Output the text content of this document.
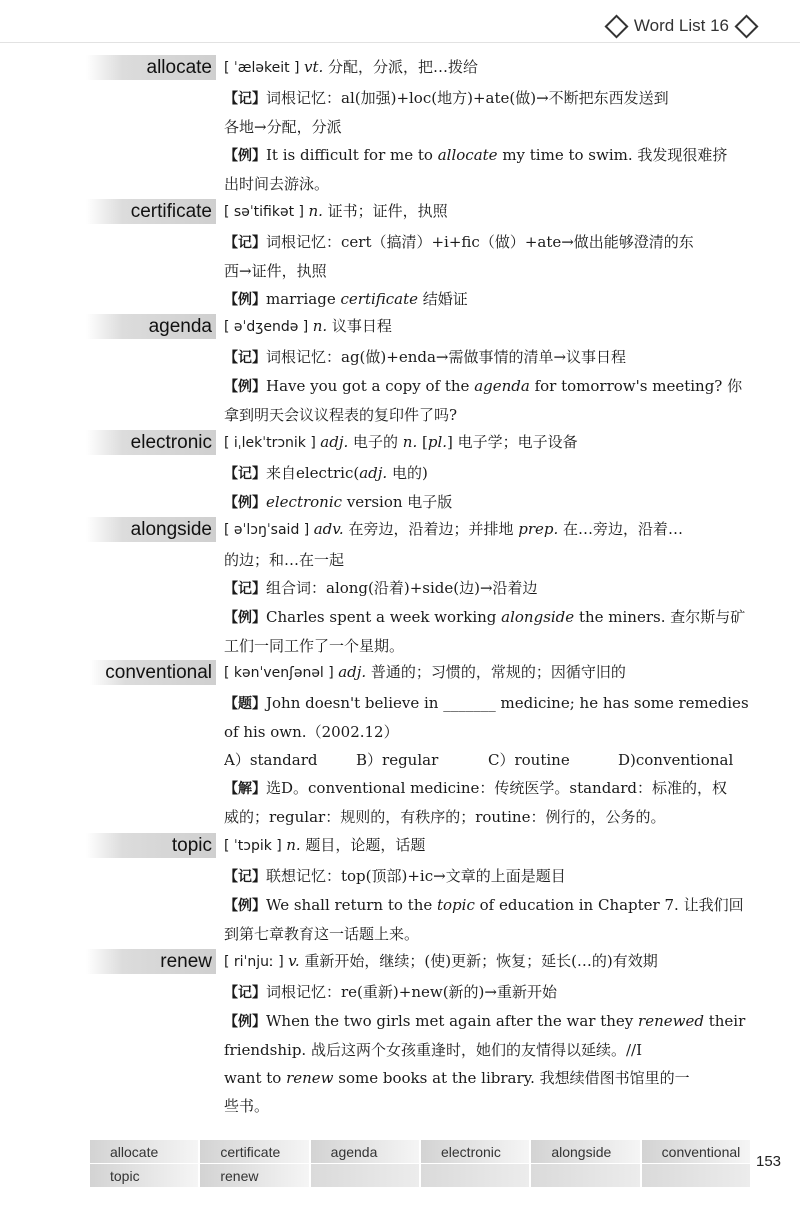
Word List 16
allocate [ ˈæləkeit ] vt. 分配，分派，把…拨给
【记】词根记忆：al(加强)+loc(地方)+ate(做)→不断把东西发送到
各地→分配，分派
【例】It is difficult for me to allocate my time to swim. 我发现很难挤
出时间去游泳。
certificate [ səˈtifikət ] n. 证书；证件，执照
【记】词根记忆：cert（搞清）+i+fic（做）+ate→做出能够澄清的东
西→证件，执照
【例】marriage certificate 结婚证
agenda [ əˈdʒendə ] n. 议事日程
【记】词根记忆：ag(做)+enda→需做事情的清单→议事日程
【例】Have you got a copy of the agenda for tomorrow's meeting? 你
拿到明天会议议程表的复印件了吗?
electronic [ iˌlekˈtrɔnik ] adj. 电子的 n. [pl.] 电子学；电子设备
【记】来自electric(adj. 电的)
【例】electronic version 电子版
alongside [ əˈlɔŋˈsaid ] adv. 在旁边，沿着边；并排地 prep. 在…旁边，沿着…
的边；和…在一起
【记】组合词：along(沿着)+side(边)→沿着边
【例】Charles spent a week working alongside the miners. 查尔斯与矿
工们一同工作了一个星期。
conventional [ kənˈvenʃənəl ] adj. 普通的；习惯的，常规的；因循守旧的
【题】John doesn't believe in _______ medicine; he has some remedies
of his own.（2002.12）
A）standard	B）regular	C）routine	D)conventional
【解】选D。conventional medicine：传统医学。standard：标准的，权
威的；regular：规则的，有秩序的；routine：例行的，公务的。
topic [ ˈtɔpik ] n. 题目，论题，话题
【记】联想记忆：top(顶部)+ic→文章的上面是题目
【例】We shall return to the topic of education in Chapter 7. 让我们回
到第七章教育这一话题上来。
renew [ riˈnjuː ] v. 重新开始，继续；(使)更新；恢复；延长(…的)有效期
【记】词根记忆：re(重新)+new(新的)→重新开始
【例】When the two girls met again after the war they renewed their
friendship. 战后这两个女孩重逢时，她们的友情得以延续。//I
want to renew some books at the library. 我想续借图书馆里的一
些书。
allocate	certificate	agenda	electronic	alongside	conventional
topic	renew
153
